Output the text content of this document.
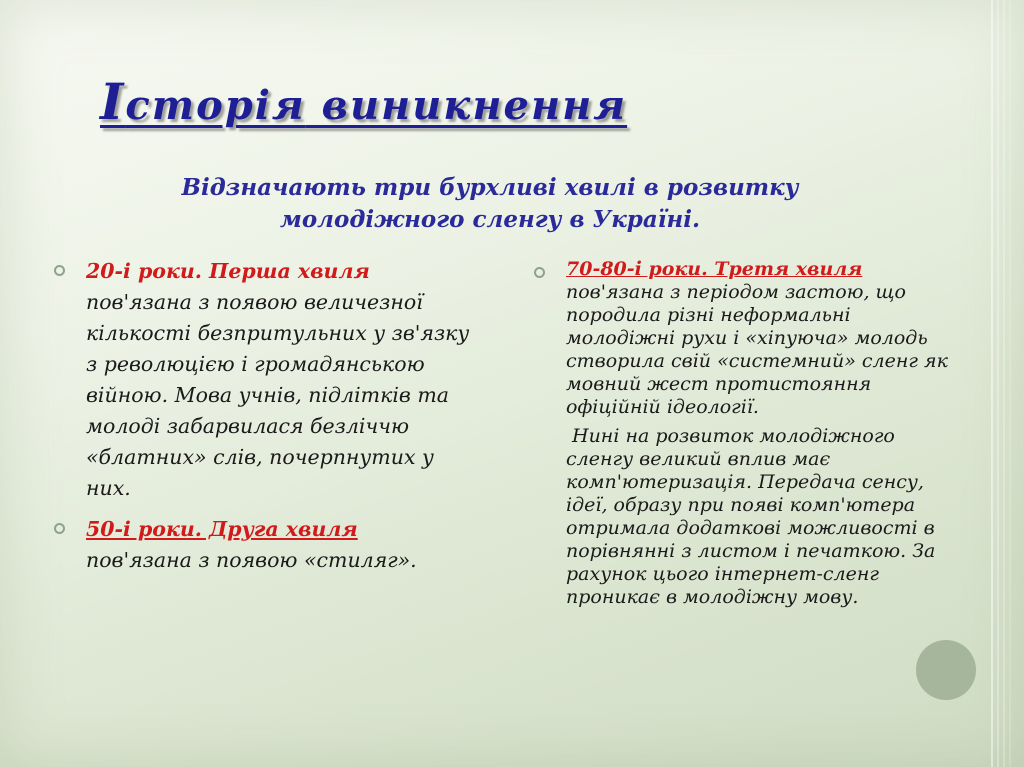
Історія виникнення

Відзначають три бурхливі хвилі в розвитку молодіжного сленгу в Україні.

20-і роки. Перша хвиля
пов'язана з появою величезної кількості безпритульних у зв'язку з революцією і громадянською війною. Мова учнів, підлітків та молоді забарвилася безліччю «блатних» слів, почерпнутих у них.
50-і роки. Друга хвиля
пов'язана з появою «стиляг».
70-80-і роки. Третя хвиля
пов'язана з періодом застою, що породила різні неформальні молодіжні рухи і «хіпуюча» молодь створила свій «системний» сленг як мовний жест протистояння офіційній ідеології.
Нині на розвиток молодіжного сленгу великий вплив має комп'ютеризація. Передача сенсу, ідеї, образу при появі комп'ютера отримала додаткові можливості в порівнянні з листом і печаткою. За рахунок цього інтернет-сленг проникає в молодіжну мову.
